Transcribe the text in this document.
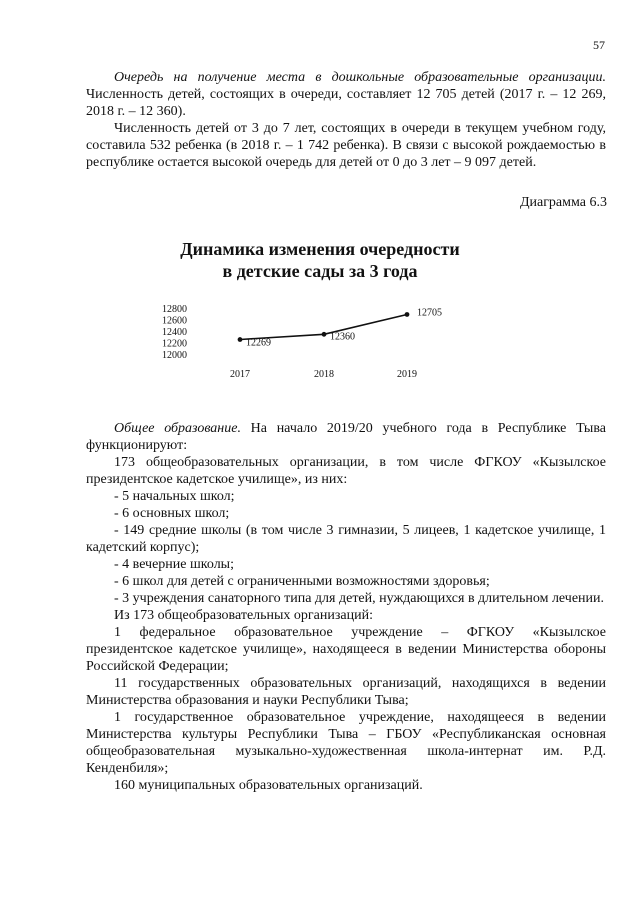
57

Очередь на получение места в дошкольные образовательные организации. Численность детей, состоящих в очереди, составляет 12 705 детей (2017 г. – 12 269, 2018 г. – 12 360).

Численность детей от 3 до 7 лет, состоящих в очереди в текущем учебном году, составила 532 ребенка (в 2018 г. – 1 742 ребенка). В связи с высокой рождаемостью в республике остается высокой очередь для детей от 0 до 3 лет – 9 097 детей.

Диаграмма 6.3
Динамика изменения очередности
в детские сады за 3 года
12800
12600
12400
12200
12000
2017	2018	2019
12269
12360
12705

Общее образование. На начало 2019/20 учебного года в Республике Тыва функционируют:

173 общеобразовательных организации, в том числе ФГКОУ «Кызылское президентское кадетское училище», из них:

- 5 начальных школ;

- 6 основных школ;

- 149 средние школы (в том числе 3 гимназии, 5 лицеев, 1 кадетское училище, 1 кадетский корпус);

- 4 вечерние школы;

- 6 школ для детей с ограниченными возможностями здоровья;

- 3 учреждения санаторного типа для детей, нуждающихся в длительном лечении.

Из 173 общеобразовательных организаций:

1 федеральное образовательное учреждение – ФГКОУ «Кызылское президентское кадетское училище», находящееся в ведении Министерства обороны Российской Федерации;

11 государственных образовательных организаций, находящихся в ведении Министерства образования и науки Республики Тыва;

1 государственное образовательное учреждение, находящееся в ведении Министерства культуры Республики Тыва – ГБОУ «Республиканская основная общеобразовательная музыкально-художественная школа-интернат им. Р.Д. Кенденбиля»;

160 муниципальных образовательных организаций.
